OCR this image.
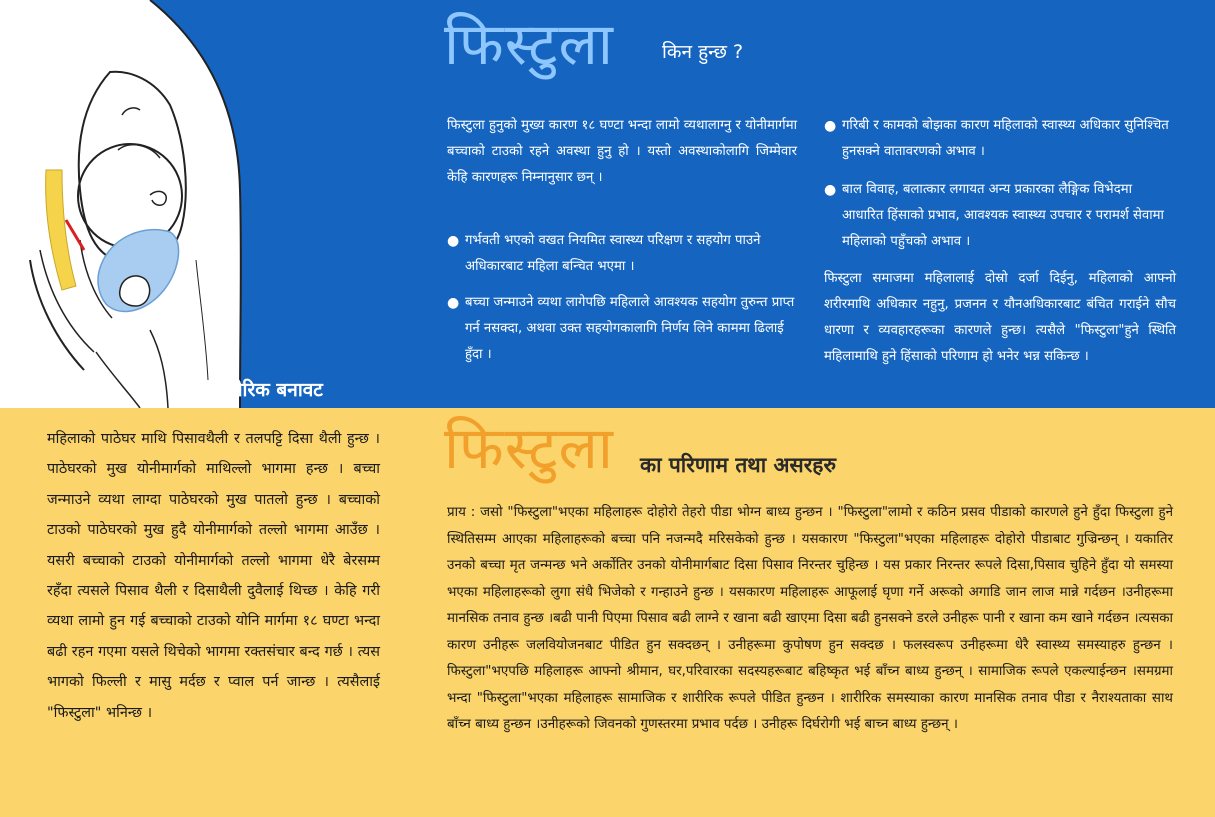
शारीरिक बनावट
फिस्टुला	किन हुन्छ ?
फिस्टुला हुनुको मुख्य कारण १८ घण्टा भन्दा लामो व्यथालाग्नु र योनीमार्गमा बच्चाको टाउको रहने अवस्था हुनु हो । यस्तो अवस्थाकोलागि जिम्मेवार केहि कारणहरू निम्नानुसार छन् ।
● गर्भवती भएको वखत नियमित स्वास्थ्य परिक्षण र सहयोग पाउने अधिकारबाट महिला बन्चित भएमा ।
● बच्चा जन्माउने व्यथा लागेपछि महिलाले आवश्यक सहयोग तुरुन्त प्राप्त गर्न नसक्दा, अथवा उक्त सहयोगकालागि निर्णय लिने काममा ढिलाई हुँदा ।
● गरिबी र कामको बोझका कारण महिलाको स्वास्थ्य अधिकार सुनिश्चित हुनसक्ने वातावरणको अभाव ।
● बाल विवाह, बलात्कार लगायत अन्य प्रकारका लैङ्गिक विभेदमा आधारित हिंसाको प्रभाव, आवश्यक स्वास्थ्य उपचार र परामर्श सेवामा महिलाको पहुँचको अभाव ।
फिस्टुला समाजमा महिलालाई दोस्रो दर्जा दिईनु, महिलाको आफ्नो शरीरमाथि अधिकार नहुनु, प्रजनन र यौनअधिकारबाट बंचित गराईने सौच धारणा र व्यवहारहरूका कारणले हुन्छ। त्यसैले "फिस्टुला"हुने स्थिति महिलामाथि हुने हिंसाको परिणाम हो भनेर भन्न सकिन्छ ।
महिलाको पाठेघर माथि पिसावथैली र तलपट्टि दिसा थैली हुन्छ । पाठेघरको मुख योनीमार्गको माथिल्लो भागमा हन्छ । बच्चा जन्माउने व्यथा लाग्दा पाठेघरको मुख पातलो हुन्छ । बच्चाको टाउको पाठेघरको मुख हुदै योनीमार्गको तल्लो भागमा आउँछ । यसरी बच्चाको टाउको योनीमार्गको तल्लो भागमा धेरै बेरसम्म रहँदा त्यसले पिसाव थैली र दिसाथैली दुवैलाई थिच्छ । केहि गरी व्यथा लामो हुन गई बच्चाको टाउको योनि मार्गमा १८ घण्टा भन्दा बढी रहन गएमा यसले थिचेको भागमा रक्तसंचार बन्द गर्छ । त्यस भागको फिल्ली र मासु मर्दछ र प्वाल पर्न जान्छ । त्यसैलाई "फिस्टुला" भनिन्छ ।
फिस्टुला का परिणाम तथा असरहरु
प्राय : जसो "फिस्टुला"भएका महिलाहरू दोहोरो तेहरो पीडा भोग्न बाध्य हुन्छन । "फिस्टुला"लामो र कठिन प्रसव पीडाको कारणले हुने हुँदा फिस्टुला हुने स्थितिसम्म आएका महिलाहरूको बच्चा पनि नजन्मदै मरिसकेको हुन्छ । यसकारण "फिस्टुला"भएका महिलाहरू दोहोरो पीडाबाट गुज्रिन्छन् । यकातिर उनको बच्चा मृत जन्मन्छ भने अर्कोतिर उनको योनीमार्गबाट दिसा पिसाव निरन्तर चुहिन्छ । यस प्रकार निरन्तर रूपले दिसा,पिसाव चुहिने हुँदा यो समस्या भएका महिलाहरूको लुगा संधै भिजेको र गन्हाउने हुन्छ । यसकारण महिलाहरू आफूलाई घृणा गर्ने अरूको अगाडि जान लाज मान्ने गर्दछन ।उनीहरूमा मानसिक तनाव हुन्छ ।बढी पानी पिएमा पिसाव बढी लाग्ने र खाना बढी खाएमा दिसा बढी हुनसक्ने डरले उनीहरू पानी र खाना कम खाने गर्दछन ।त्यसका कारण उनीहरू जलवियोजनबाट पीडित हुन सक्दछन् । उनीहरूमा कुपोषण हुन सक्दछ । फलस्वरूप उनीहरूमा धेरै स्वास्थ्य समस्याहरु हुन्छन । फिस्टुला"भएपछि महिलाहरू आफ्नो श्रीमान, घर,परिवारका सदस्यहरूबाट बहिष्कृत भई बाँच्न बाध्य हुन्छन् । सामाजिक रूपले एकल्याईन्छन ।समग्रमा भन्दा "फिस्टुला"भएका महिलाहरू सामाजिक र शारीरिक रूपले पीडित हुन्छन । शारीरिक समस्याका कारण मानसिक तनाव पीडा र नैराश्यताका साथ बाँच्न बाध्य हुन्छन ।उनीहरूको जिवनको गुणस्तरमा प्रभाव पर्दछ । उनीहरू दिर्घरोगी भई बाच्न बाध्य हुन्छन् ।
